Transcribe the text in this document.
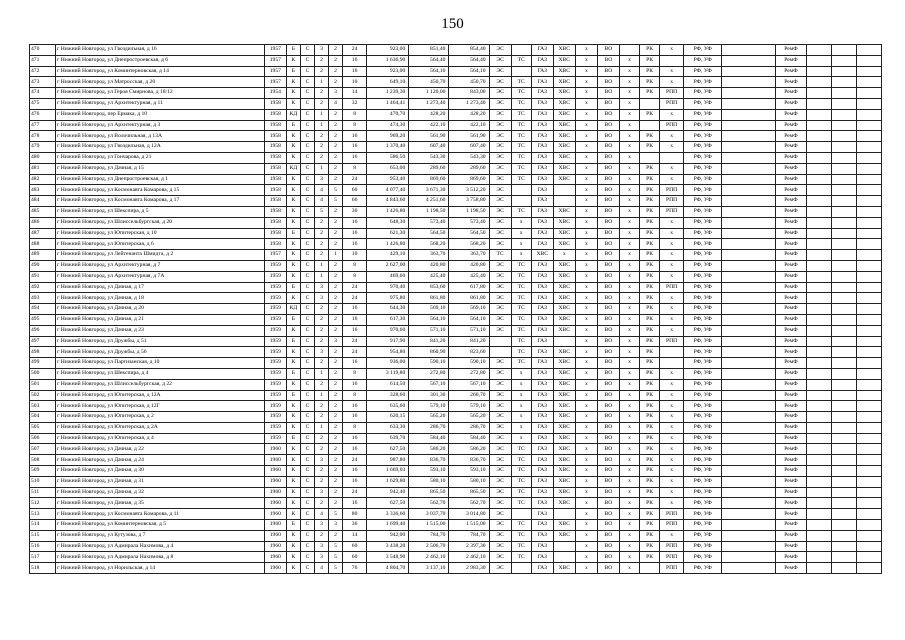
150
470	г Нижний Новгород, ул Гвоздильная, д 16	1957	Б	С	3	2	24	923,00	851,40	854,40	ЭС		ГАЗ	ХВС	х	ВО		РК	х	РФ, УФ		РемФ			
471	г Нижний Новгород, ул Днепростроевская, д 6	1957	К	С	2	2	16	1 636,90	564,40	564,40	ЭС	ТС	ГАЗ	ХВС	х	ВО	х	РК		РФ, УФ		РемФ			
472	г Нижний Новгород, ул Коминтерновская, д 14	1957	Б	С	2	2	16	923,00	564,10	564,10	ЭС		ГАЗ	ХВС	х	ВО	х	РК	х	РФ, УФ		РемФ			
473	г Нижний Новгород, ул Матросская, д 20	1957	К	С	1	2	10	649,10	450,70	450,70	ЭС	ТС	ГАЗ	ХВС	х	ВО	х	РК	х	РФ, УФ		РемФ			
474	г Нижний Новгород, ул Героя Смирнова, д 18/12	1954	К	С	2	3	14	1 239,30	1 120,00	843,00	ЭС	ТС	ГАЗ	ХВС	х	ВО	х	РК	РПП	РФ, УФ		РемФ			
475	г Нижний Новгород, ул Архитектурная, д 11	1958	К	С	2	4	32	1 464,41	1 273,40	1 273,40	ЭС	ТС	ГАЗ	ХВС	х	ВО	х		РПП	РФ, УФ		РемФ			
476	г Нижний Новгород, пер Ермака, д 10	1958	КД	С	1	2	8	470,70	428,20	428,20	ЭС	ТС	ГАЗ	ХВС	х	ВО	х	РК	х	РФ, УФ		РемФ			
477	г Нижний Новгород, ул Архитектурная, д 3	1958	Б	С	1	2	8	474,30	422,10	422,10	ЭС	ТС	ГАЗ	ХВС	х	ВО	х		РПП	РФ, УФ		РемФ			
478	г Нижний Новгород, ул Волочильная, д 13А	1958	К	С	2	2	16	969,20	561,90	561,90	ЭС	ТС	ГАЗ	ХВС	х	ВО	х	РК	х	РФ, УФ		РемФ			
479	г Нижний Новгород, ул Гвоздильная, д 12А	1958	К	С	2	2	16	1 370,40	607,40	607,40	ЭС	ТС	ГАЗ	ХВС	х	ВО	х	РК	х	РФ, УФ		РемФ			
480	г Нижний Новгород, ул Гончарова, д 21	1958	К	С	2	2	16	586,50	543,30	543,30	ЭС	ТС	ГАЗ	ХВС	х	ВО	х			РФ, УФ		РемФ			
481	г Нижний Новгород, ул Дачная, д 15	1958	КД	С	1	2	8	653,00	289,60	289,60	ЭС	ТС	ГАЗ	ХВС	х	ВО	х	РК	х	РФ, УФ		РемФ			
482	г Нижний Новгород, ул Днепростроевская, д 1	1958	К	С	3	2	24	953,40	869,60	869,60	ЭС	ТС	ГАЗ	ХВС	х	ВО	х	РК	х	РФ, УФ		РемФ			
483	г Нижний Новгород, ул Космонавта Комарова, д 15	1958	К	С	4	5	60	4 077,40	3 671,30	3 512,20	ЭС		ГАЗ		х	ВО	х	РК	РПП	РФ, УФ		РемФ			
484	г Нижний Новгород, ул Космонавта Комарова, д 17	1958	К	С	4	5	66	4 843,60	4 251,60	3 758,80	ЭС		ГАЗ		х	ВО	х	РК	РПП	РФ, УФ		РемФ			
485	г Нижний Новгород, ул Шекспира, д 5	1958	К	С	5	2	30	1 426,80	1 198,50	1 198,50	ЭС	ТС	ГАЗ	ХВС	х	ВО	х	РК	РПП	РФ, УФ		РемФ			
486	г Нижний Новгород, ул Шлиссельбургская, д 20	1958	К	С	2	2	16	648,30	573,40	573,40	ЭС	х	ГАЗ	ХВС	х	ВО	х	РК	х	РФ, УФ		РемФ			
487	г Нижний Новгород, ул Юпитерская, д 10	1958	Б	С	2	2	16	621,30	564,50	564,50	ЭС	х	ГАЗ	ХВС	х	ВО	х	РК	х	РФ, УФ		РемФ			
488	г Нижний Новгород, ул Юпитерская, д 6	1958	К	С	2	2	16	1 426,80	568,20	568,20	ЭС	х	ГАЗ	ХВС	х	ВО	х	РК	х	РФ, УФ		РемФ			
489	г Нижний Новгород, ул Лейтенанта Шмидта, д 2	1957	К	С	2	1	10	429,10	363,70	363,70	ТС	х	ХВС	х	х	ВО	х	РК	х	РФ, УФ		РемФ			
490	г Нижний Новгород, ул Архитектурная, д 7	1959	К	С	1	2	8	2 627,00	420,80	420,80	ЭС	ТС	ГАЗ	ХВС	х	ВО	х	РК	х	РФ, УФ		РемФ			
491	г Нижний Новгород, ул Архитектурная, д 7А	1959	К	С	1	2	8	469,60	425,40	425,40	ЭС	ТС	ГАЗ	ХВС	х	ВО	х	РК	х	РФ, УФ		РемФ			
492	г Нижний Новгород, ул Дачная, д 17	1959	Б	С	3	2	24	970,40	853,60	617,80	ЭС	ТС	ГАЗ	ХВС	х	ВО	х	РК	РПП	РФ, УФ		РемФ			
493	г Нижний Новгород, ул Дачная, д 18	1959	К	С	3	2	24	975,80	861,80	861,80	ЭС	ТС	ГАЗ	ХВС	х	ВО	х	РК	х	РФ, УФ		РемФ			
494	г Нижний Новгород, ул Дачная, д 20	1959	КД	С	2	2	16	644,30	569,10	569,10	ЭС	ТС	ГАЗ	ХВС	х	ВО	х	РК	х	РФ, УФ		РемФ			
495	г Нижний Новгород, ул Дачная, д 21	1959	Б	С	2	2	16	617,30	564,10	564,10	ЭС	ТС	ГАЗ	ХВС	х	ВО	х	РК	х	РФ, УФ		РемФ			
496	г Нижний Новгород, ул Дачная, д 23	1959	К	С	2	2	16	970,60	571,10	571,10	ЭС	ТС	ГАЗ	ХВС	х	ВО	х	РК	х	РФ, УФ		РемФ			
497	г Нижний Новгород, ул Дружбы, д 51	1959	Б	С	2	3	24	917,90	841,20	841,20		ТС	ГАЗ		х	ВО	х	РК	РПП	РФ, УФ		РемФ			
498	г Нижний Новгород, ул Дружбы, д 56	1959	К	С	3	2	24	954,80	860,90	823,60		ТС	ГАЗ	ХВС	х	ВО	х	РК		РФ, УФ		РемФ			
499	г Нижний Новгород, ул Партизанская, д 10	1959	К	С	2	2	16	936,00	590,10	590,10	ЭС	ТС	ГАЗ	ХВС	х	ВО	х	РК		РФ, УФ		РемФ			
500	г Нижний Новгород, ул Шекспира, д 4	1959	Б	С	1	2	8	3 119,80	272,80	272,80	ЭС	х	ГАЗ	ХВС	х	ВО	х	РК	х	РФ, УФ		РемФ			
501	г Нижний Новгород, ул Шлиссельбургская, д 22	1959	К	С	2	2	16	614,50	567,10	567,10	ЭС	х	ГАЗ	ХВС	х	ВО	х	РК	х	РФ, УФ		РемФ			
502	г Нижний Новгород, ул Юпитерская, д 12А	1959	Б	С	1	2	8	328,60	301,30	260,70	ЭС	х	ГАЗ	ХВС	х	ВО	х	РК	х	РФ, УФ		РемФ			
503	г Нижний Новгород, ул Юпитерская, д 12Г	1959	К	С	2	2	16	635,60	579,10	579,10	ЭС	х	ГАЗ	ХВС	х	ВО	х	РК	х	РФ, УФ		РемФ			
504	г Нижний Новгород, ул Юпитерская, д 2	1959	К	С	2	2	16	620,15	565,20	565,20	ЭС	х	ГАЗ	ХВС	х	ВО	х	РК	х	РФ, УФ		РемФ			
505	г Нижний Новгород, ул Юпитерская, д 2А	1959	К	С	1	2	8	633,30	286,70	286,70	ЭС	х	ГАЗ	ХВС	х	ВО	х	РК	х	РФ, УФ		РемФ			
506	г Нижний Новгород, ул Юпитерская, д 4	1959	Б	С	2	2	16	639,70	584,40	584,40	ЭС	х	ГАЗ	ХВС	х	ВО	х	РК	х	РФ, УФ		РемФ			
507	г Нижний Новгород, ул Дачная, д 22	1960	К	С	2	2	16	627,50	586,20	586,20	ЭС	ТС	ГАЗ	ХВС	х	ВО	х	РК	х	РФ, УФ		РемФ			
508	г Нижний Новгород, ул Дачная, д 24	1960	К	С	3	2	24	987,80	836,70	836,70	ЭС	ТС	ГАЗ	ХВС	х	ВО	х	РК	х	РФ, УФ		РемФ			
509	г Нижний Новгород, ул Дачная, д 30	1960	К	С	2	2	16	1 669,03	593,10	593,10	ЭС	ТС	ГАЗ	ХВС	х	ВО	х	РК	х	РФ, УФ		РемФ			
510	г Нижний Новгород, ул Дачная, д 31	1960	К	С	2	2	16	1 629,80	580,10	580,10	ЭС	ТС	ГАЗ	ХВС	х	ВО	х	РК	х	РФ, УФ		РемФ			
511	г Нижний Новгород, ул Дачная, д 32	1960	К	С	3	2	24	942,40	865,50	865,50	ЭС	ТС	ГАЗ	ХВС	х	ВО	х	РК	х	РФ, УФ		РемФ			
512	г Нижний Новгород, ул Дачная, д 35	1960	К	С	2	2	16	627,50	562,70	562,70	ЭС	ТС	ГАЗ	ХВС	х	ВО	х	РК	х	РФ, УФ		РемФ			
513	г Нижний Новгород, ул Космонавта Комарова, д 11	1960	К	С	4	5	80	3 336,60	3 037,70	3 014,80	ЭС		ГАЗ		х	ВО	х	РК	РПП	РФ, УФ		РемФ			
514	г Нижний Новгород, ул Коминтерновская, д 5	1960	Б	С	3	3	36	1 699,40	1 515,00	1 515,00	ЭС	ТС	ГАЗ	ХВС	х	ВО	х	РК	РПП	РФ, УФ		РемФ			
515	г Нижний Новгород, ул Кутузова, д 7	1960	К	С	2	2	14	942,00	784,70	784,70	ЭС	ТС	ГАЗ	ХВС	х	ВО	х	РК	х	РФ, УФ		РемФ			
516	г Нижний Новгород, ул Адмирала Нахимова, д 4	1960	К	С	3	5	60	3 438,20	2 506,70	2 397,30	ЭС	ТС	ГАЗ		х	ВО	х	РК	РПП	РФ, УФ		РемФ			
517	г Нижний Новгород, ул Адмирала Нахимова, д 8	1960	К	С	3	5	60	3 548,90	2 462,10	2 462,10	ЭС	ТС	ГАЗ		х	ВО	х	РК	РПП	РФ, УФ		РемФ			
518	г Нижний Новгород, ул Норильская, д 14	1960	К	С	4	5	76	4 804,70	3 137,10	2 983,30	ЭС		ГАЗ	ХВС	х	ВО	х		РПП	РФ, УФ		РемФ			
